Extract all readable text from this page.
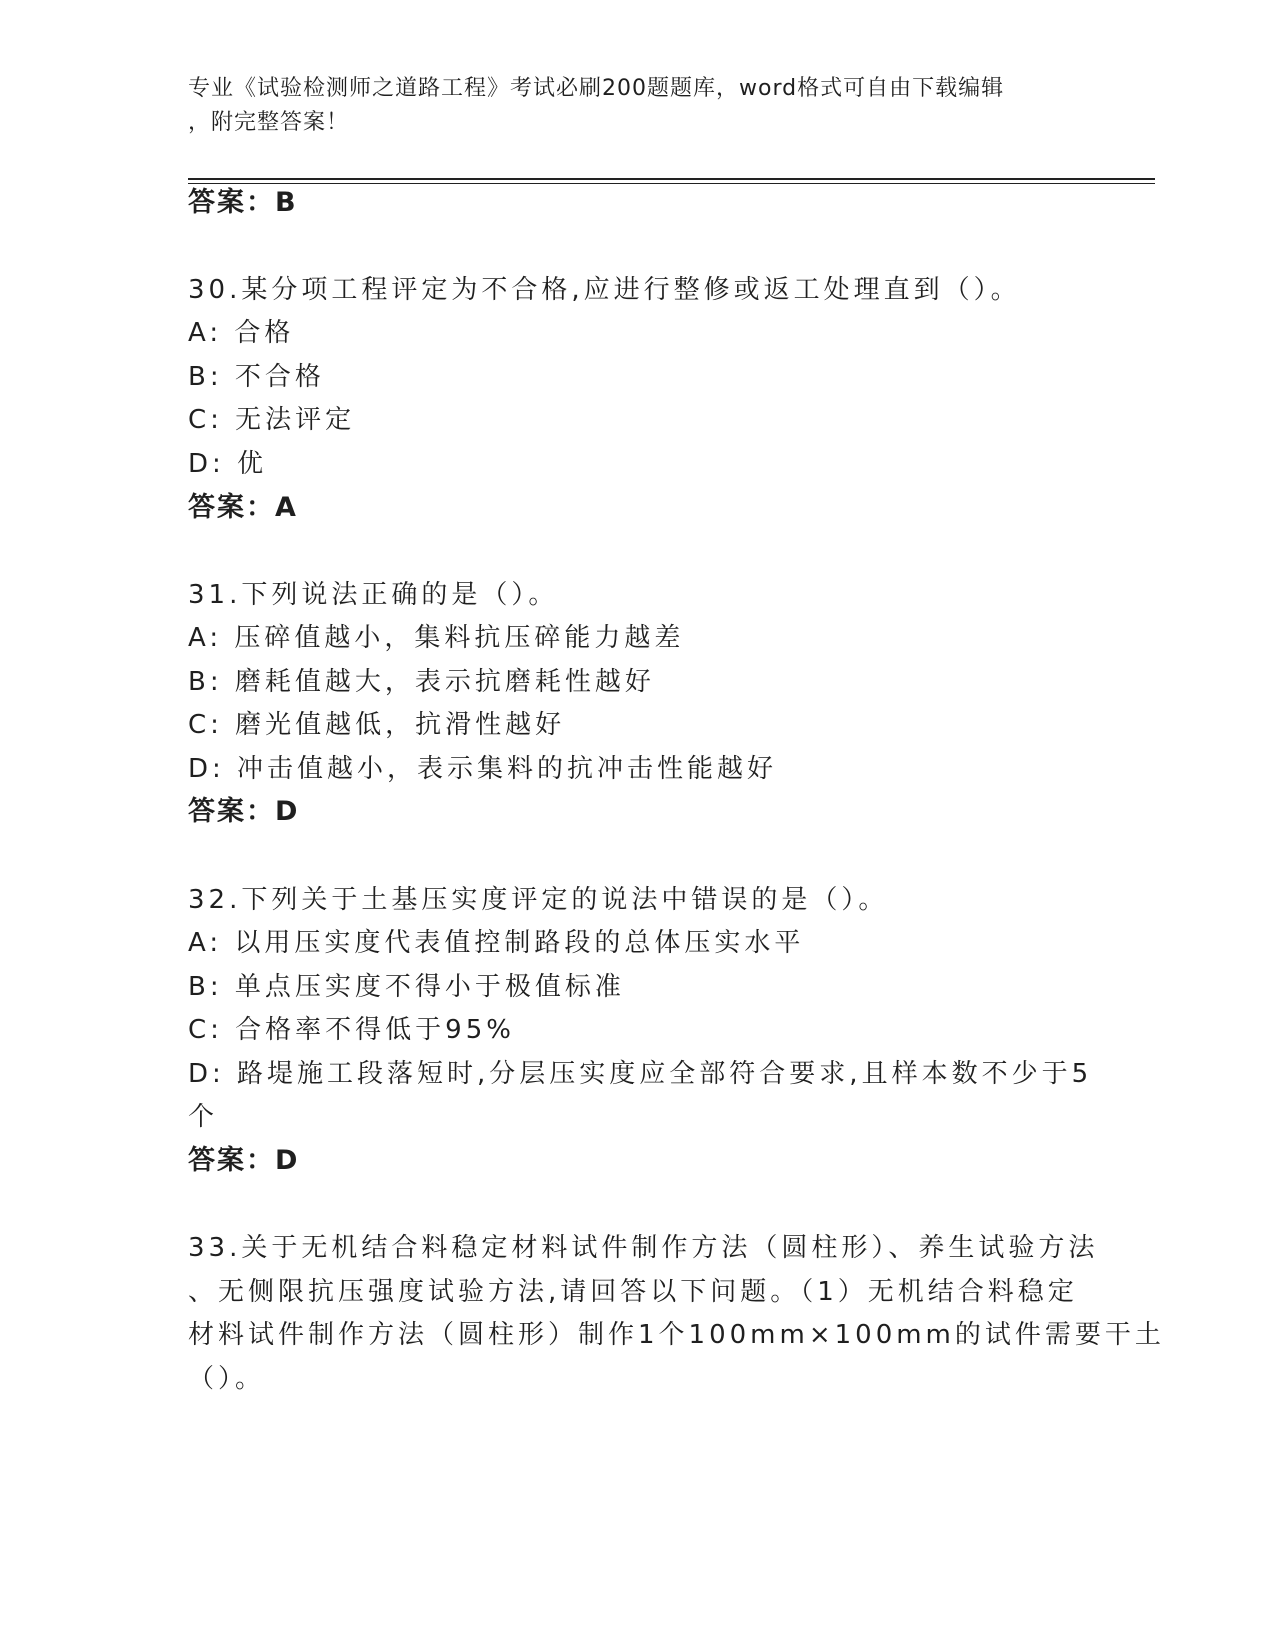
专业《试验检测师之道路工程》考试必刷200题题库，word格式可自由下载编辑
，附完整答案！
答案：B
30.某分项工程评定为不合格,应进行整修或返工处理直到（）。
A: 合格
B: 不合格
C: 无法评定
D: 优
答案：A
31.下列说法正确的是（）。
A: 压碎值越小，集料抗压碎能力越差
B: 磨耗值越大，表示抗磨耗性越好
C: 磨光值越低，抗滑性越好
D: 冲击值越小，表示集料的抗冲击性能越好
答案：D
32.下列关于土基压实度评定的说法中错误的是（）。
A: 以用压实度代表值控制路段的总体压实水平
B: 单点压实度不得小于极值标准
C: 合格率不得低于95%
D: 路堤施工段落短时,分层压实度应全部符合要求,且样本数不少于5
个
答案：D
33.关于无机结合料稳定材料试件制作方法（圆柱形）、养生试验方法
、无侧限抗压强度试验方法,请回答以下问题。（1）无机结合料稳定
材料试件制作方法（圆柱形）制作1个100mm×100mm的试件需要干土
（）。
